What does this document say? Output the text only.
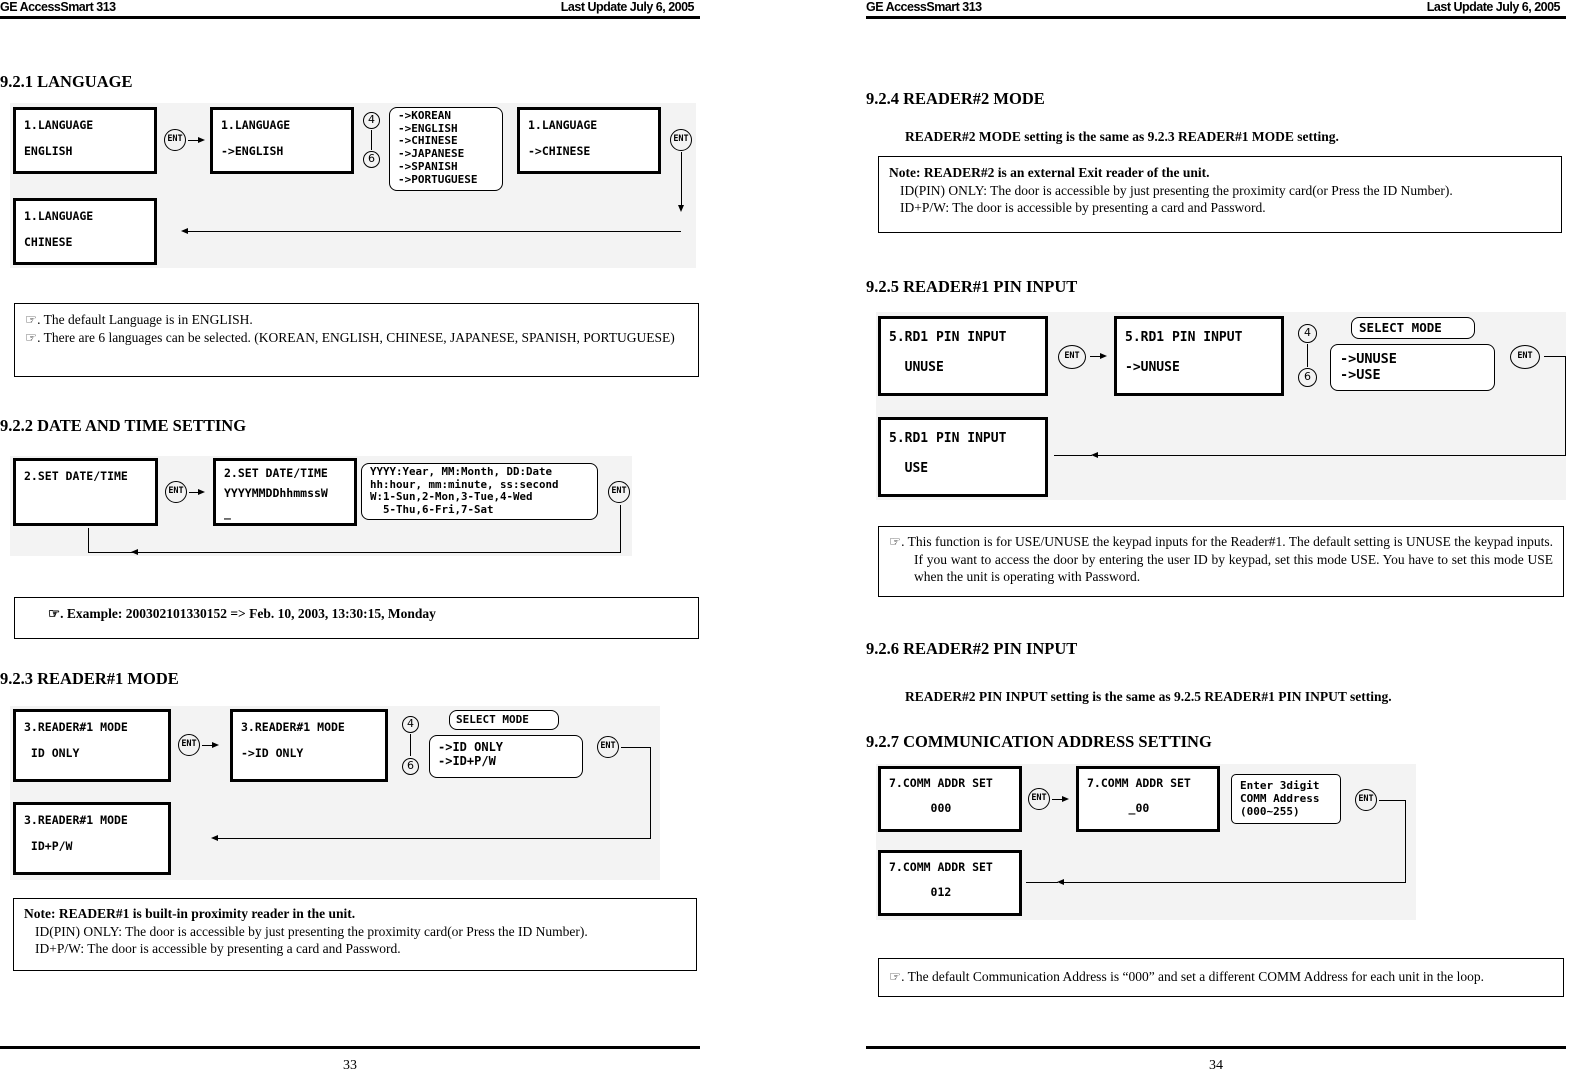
GE AccessSmart 313	Last Update July 6, 2005
9.2.1 LANGUAGE
1.LANGUAGE
ENGLISH
ENT
1.LANGUAGE
->ENGLISH
4
6
->KOREAN
->ENGLISH
->CHINESE
->JAPANESE
->SPANISH
->PORTUGUESE
1.LANGUAGE
->CHINESE
ENT
1.LANGUAGE
CHINESE
☞. The default Language is in ENGLISH.
☞. There are 6 languages can be selected. (KOREAN, ENGLISH, CHINESE, JAPANESE, SPANISH, PORTUGUESE)
9.2.2 DATE AND TIME SETTING
2.SET DATE/TIME
ENT
2.SET DATE/TIME
YYYYMMDDhhmmssW
_
YYYY:Year, MM:Month, DD:Date
hh:hour, mm:minute, ss:second
W:1-Sun,2-Mon,3-Tue,4-Wed
5-Thu,6-Fri,7-Sat
ENT
☞. Example: 200302101330152 => Feb. 10, 2003, 13:30:15, Monday
9.2.3 READER#1 MODE
3.READER#1 MODE
ID ONLY
ENT
3.READER#1 MODE
->ID ONLY
4
6
SELECT MODE
->ID ONLY
->ID+P/W
ENT
3.READER#1 MODE
ID+P/W
Note: READER#1 is built-in proximity reader in the unit.
ID(PIN) ONLY: The door is accessible by just presenting the proximity card(or Press the ID Number).
ID+P/W: The door is accessible by presenting a card and Password.
33
GE AccessSmart 313	Last Update July 6, 2005
9.2.4 READER#2 MODE
READER#2 MODE setting is the same as 9.2.3 READER#1 MODE setting.
Note: READER#2 is an external Exit reader of the unit.
ID(PIN) ONLY: The door is accessible by just presenting the proximity card(or Press the ID Number).
ID+P/W: The door is accessible by presenting a card and Password.
9.2.5 READER#1 PIN INPUT
5.RD1 PIN INPUT
UNUSE
ENT
5.RD1 PIN INPUT
->UNUSE
4
6
SELECT MODE
->UNUSE
->USE
ENT
5.RD1 PIN INPUT
USE
☞. This function is for USE/UNUSE the keypad inputs for the Reader#1. The default setting is UNUSE the keypad inputs. If you want to access the door by entering the user ID by keypad, set this mode USE. You have to set this mode USE when the unit is operating with Password.
9.2.6 READER#2 PIN INPUT
READER#2 PIN INPUT setting is the same as 9.2.5 READER#1 PIN INPUT setting.
9.2.7 COMMUNICATION ADDRESS SETTING
7.COMM ADDR SET
000
ENT
7.COMM ADDR SET
_00
Enter 3digit
COMM Address
(000~255)
ENT
7.COMM ADDR SET
012
☞. The default Communication Address is “000” and set a different COMM Address for each unit in the loop.
34
